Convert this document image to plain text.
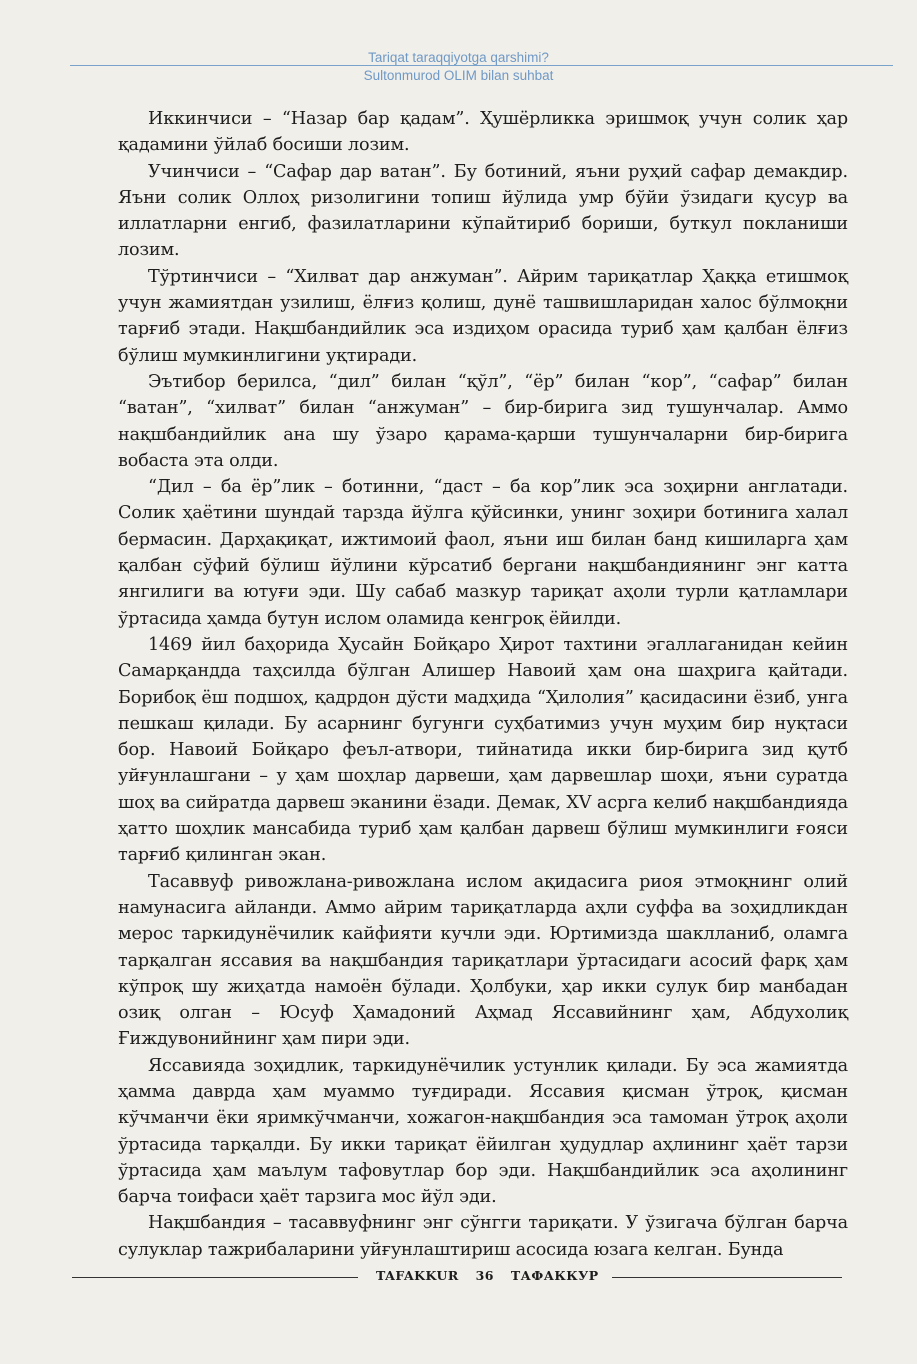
Tariqat taraqqiyotga qarshimi?
Sultonmurod OLIM bilan suhbat

Иккинчиси – “Назар бар қадам”. Ҳушёрликка эришмоқ учун солик ҳар қадамини ўйлаб босиши лозим.

Учинчиси – “Сафар дар ватан”. Бу ботиний, яъни руҳий сафар демакдир. Яъни солик Оллоҳ ризолигини топиш йўлида умр бўйи ўзидаги қусур ва иллатларни енгиб, фазилатларини кўпайтириб бориши, буткул покланиши лозим.

Тўртинчиси – “Хилват дар анжуман”. Айрим тариқатлар Ҳаққа етишмоқ учун жамиятдан узилиш, ёлғиз қолиш, дунё ташвишларидан халос бўлмоқни тарғиб этади. Нақшбандийлик эса издиҳом орасида туриб ҳам қалбан ёлғиз бўлиш мумкинлигини уқтиради.

Эътибор берилса, “дил” билан “қўл”, “ёр” билан “кор”, “сафар” билан “ватан”, “хилват” билан “анжуман” – бир-бирига зид тушунчалар. Аммо нақшбандийлик ана шу ўзаро қарама-қарши тушунчаларни бир-бирига вобаста эта олди.

“Дил – ба ёр”лик – ботинни, “даст – ба кор”лик эса зоҳирни англатади. Солик ҳаётини шундай тарзда йўлга қўйсинки, унинг зоҳири ботинига халал бермасин. Дарҳақиқат, ижтимоий фаол, яъни иш билан банд кишиларга ҳам қалбан сўфий бўлиш йўлини кўрсатиб бергани нақшбандиянинг энг катта янгилиги ва ютуғи эди. Шу сабаб мазкур тариқат аҳоли турли қатламлари ўртасида ҳамда бутун ислом оламида кенгроқ ёйилди.

1469 йил баҳорида Ҳусайн Бойқаро Ҳирот тахтини эгаллаганидан кейин Самарқандда таҳсилда бўлган Алишер Навоий ҳам она шаҳрига қайтади. Борибоқ ёш подшоҳ, қадрдон дўсти мадҳида “Ҳилолия” қасидасини ёзиб, унга пешкаш қилади. Бу асарнинг бугунги суҳбатимиз учун муҳим бир нуқтаси бор. Навоий Бойқаро феъл-атвори, тийнатида икки бир-бирига зид қутб уйғунлашгани – у ҳам шоҳлар дарвеши, ҳам дарвешлар шоҳи, яъни суратда шоҳ ва сийратда дарвеш эканини ёзади. Демак, XV асрга келиб нақшбандияда ҳатто шоҳлик мансабида туриб ҳам қалбан дарвеш бўлиш мумкинлиги ғояси тарғиб қилинган экан.

Тасаввуф ривожлана-ривожлана ислом ақидасига риоя этмоқнинг олий намунасига айланди. Аммо айрим тариқатларда аҳли суффа ва зоҳидликдан мерос таркидунёчилик кайфияти кучли эди. Юртимизда шаклланиб, оламга тарқалган яссавия ва нақшбандия тариқатлари ўртасидаги асосий фарқ ҳам кўпроқ шу жиҳатда намоён бўлади. Ҳолбуки, ҳар икки сулук бир манбадан озиқ олган – Юсуф Ҳамадоний Аҳмад Яссавийнинг ҳам, Абдухолиқ Ғиждувонийнинг ҳам пири эди.

Яссавияда зоҳидлик, таркидунёчилик устунлик қилади. Бу эса жамиятда ҳамма даврда ҳам муаммо туғдиради. Яссавия қисман ўтроқ, қисман кўчманчи ёки яримкўчманчи, хожагон-нақшбандия эса тамоман ўтроқ аҳоли ўртасида тарқалди. Бу икки тариқат ёйилган ҳудудлар аҳлининг ҳаёт тарзи ўртасида ҳам маълум тафовутлар бор эди. Нақшбандийлик эса аҳолининг барча тоифаси ҳаёт тарзига мос йўл эди.

Нақшбандия – тасаввуфнинг энг сўнгги тариқати. У ўзигача бўлган барча сулуклар тажрибаларини уйғунлаштириш асосида юзага келган. Бунда

TAFAKKUR 36 ТАФАККУР
